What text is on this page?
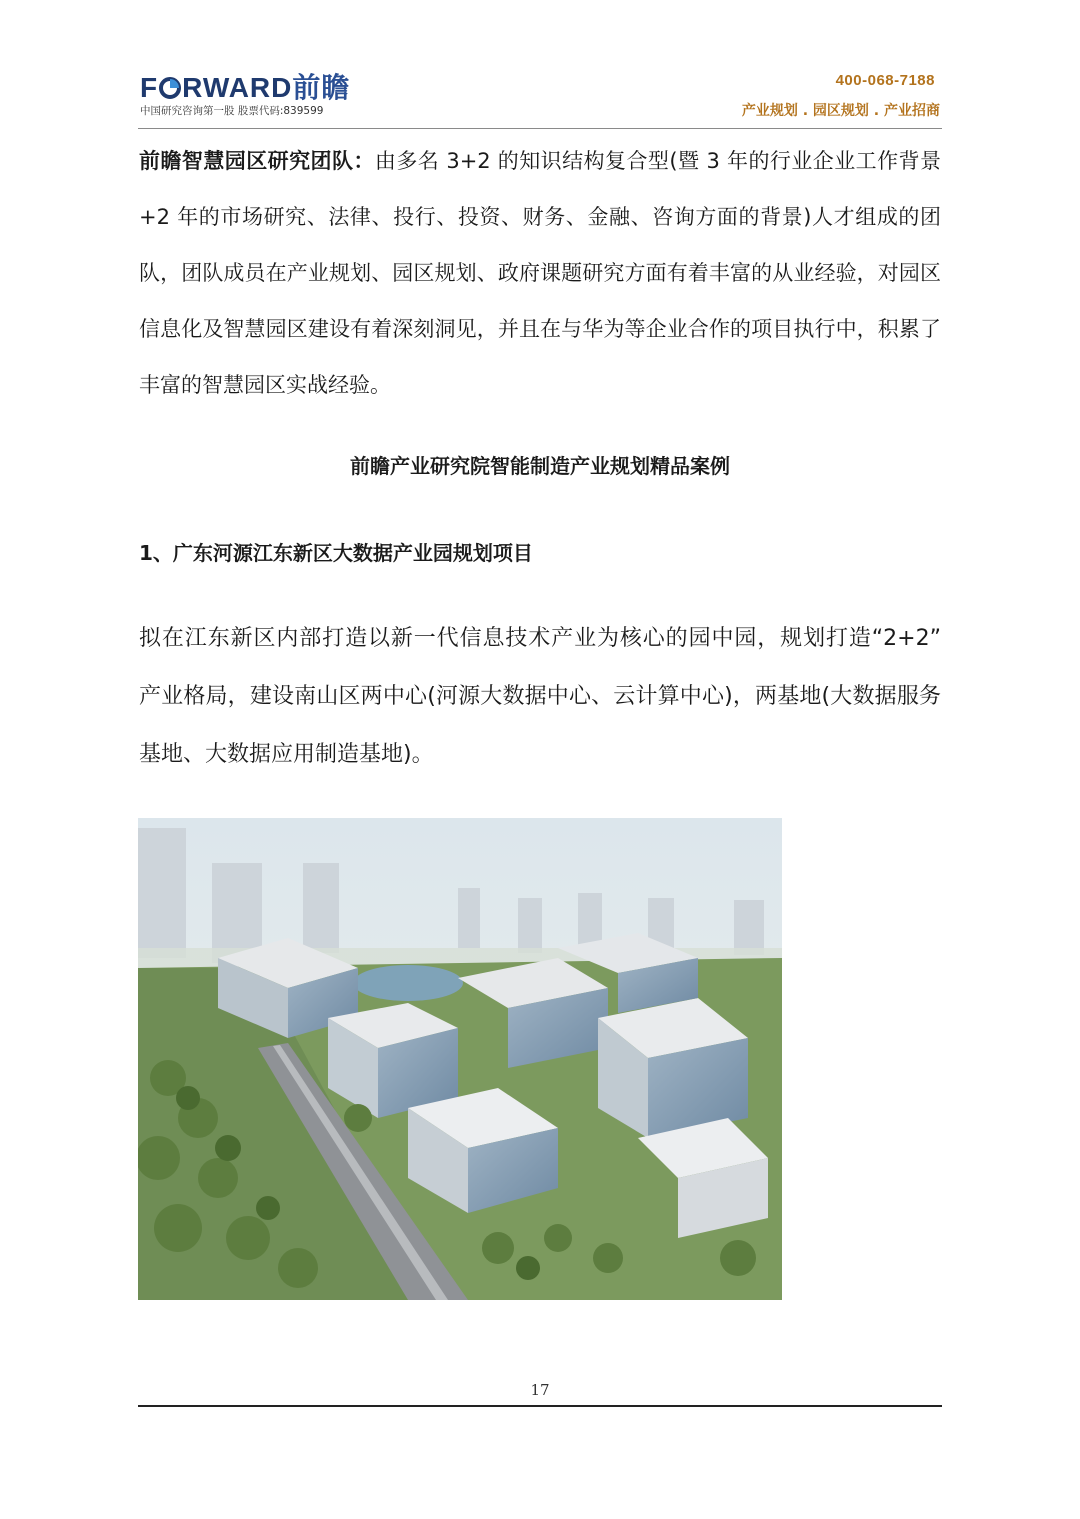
F RWARD前瞻
中国研究咨询第一股 股票代码:839599
400-068-7188
产业规划 . 园区规划 . 产业招商
前瞻智慧园区研究团队：由多名 3+2 的知识结构复合型(暨 3 年的行业企业工作背景+2 年的市场研究、法律、投行、投资、财务、金融、咨询方面的背景)人才组成的团队，团队成员在产业规划、园区规划、政府课题研究方面有着丰富的从业经验，对园区信息化及智慧园区建设有着深刻洞见，并且在与华为等企业合作的项目执行中，积累了丰富的智慧园区实战经验。
前瞻产业研究院智能制造产业规划精品案例
1、广东河源江东新区大数据产业园规划项目
拟在江东新区内部打造以新一代信息技术产业为核心的园中园，规划打造“2+2” 产业格局，建设南山区两中心(河源大数据中心、云计算中心)，两基地(大数据服务基地、大数据应用制造基地)。
17
